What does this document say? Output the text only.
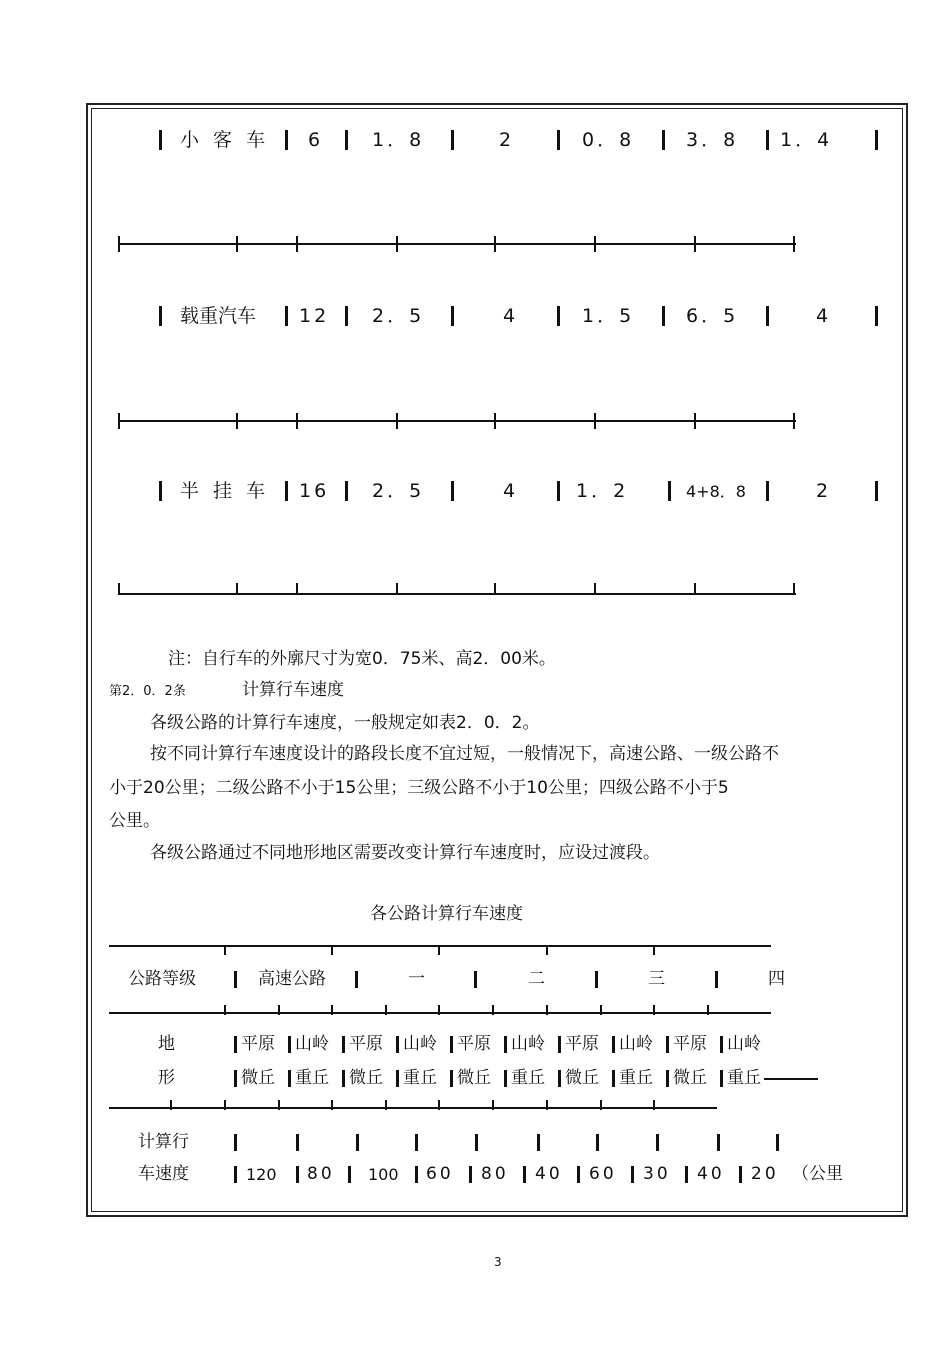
小 客 车 6	1．8	2	0．8	3．8 1．4
载重汽车 12 2．5	4	1．5	6．5	4
半 挂 车 16 2．5	4	1．2	4+8．8	2
注：自行车的外廓尺寸为宽0．75米、高2．00米。
第2．0．2条	计算行车速度
各级公路的计算行车速度，一般规定如表2．0．2。
按不同计算行车速度设计的路段长度不宜过短，一般情况下，高速公路、一级公路不
小于20公里；二级公路不小于15公里；三级公路不小于10公里；四级公路不小于5
公里。
各级公路通过不同地形地区需要改变计算行车速度时，应设过渡段。
各公路计算行车速度
公路等级	高速公路	一	二	三	四
地	平原 山岭 平原 山岭 平原 山岭 平原 山岭 平原 山岭
形	微丘 重丘 微丘 重丘 微丘 重丘 微丘 重丘 微丘 重丘
计算行
车速度	120 80 100 60 80 40 60 30 40 20 （公里
3
